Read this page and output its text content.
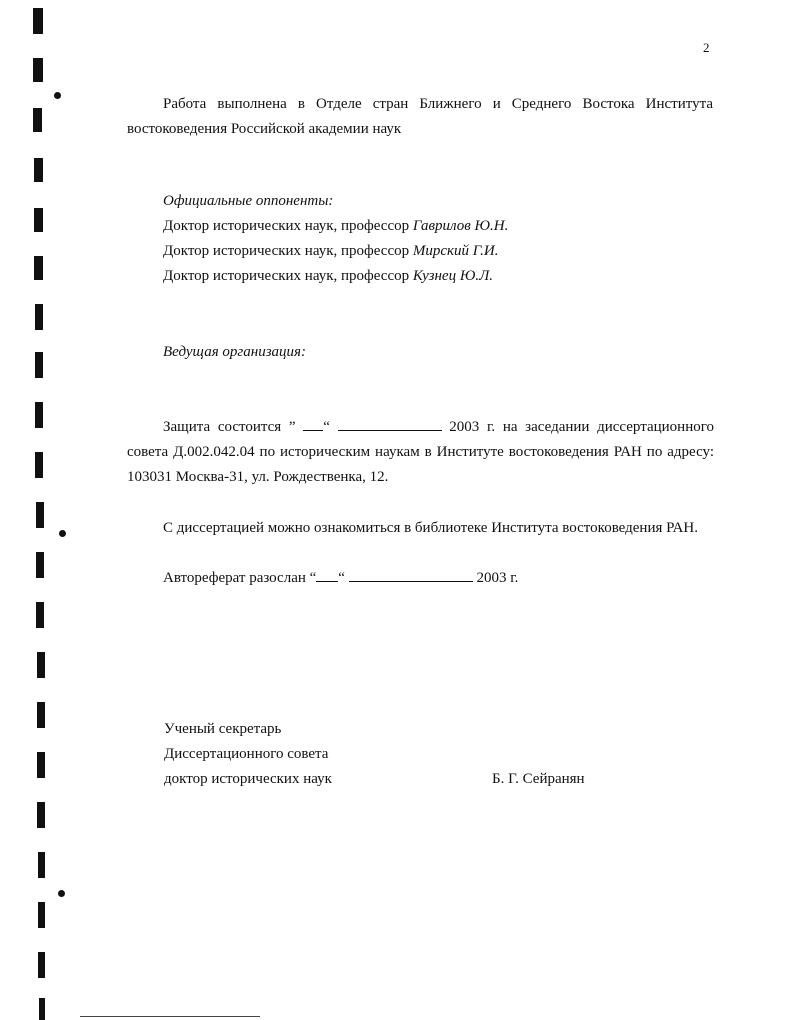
2
Работа выполнена в Отделе стран Ближнего и Среднего Востока Института востоковедения Российской академии наук
Официальные оппоненты:
Доктор исторических наук, профессор Гаврилов Ю.Н.
Доктор исторических наук, профессор Мирский Г.И.
Доктор исторических наук, профессор Кузнец Ю.Л.
Ведущая организация:
Защита состоится ” “	2003 г. на заседании диссертационного совета Д.002.042.04 по историческим наукам в Институте востоковедения РАН по адресу: 103031 Москва-31, ул. Рождественка, 12.
С диссертацией можно ознакомиться в библиотеке Института востоковедения РАН.
Автореферат разослан “ “	2003 г.
Ученый секретарь
Диссертационного совета
доктор исторических наук	Б. Г. Сейранян
